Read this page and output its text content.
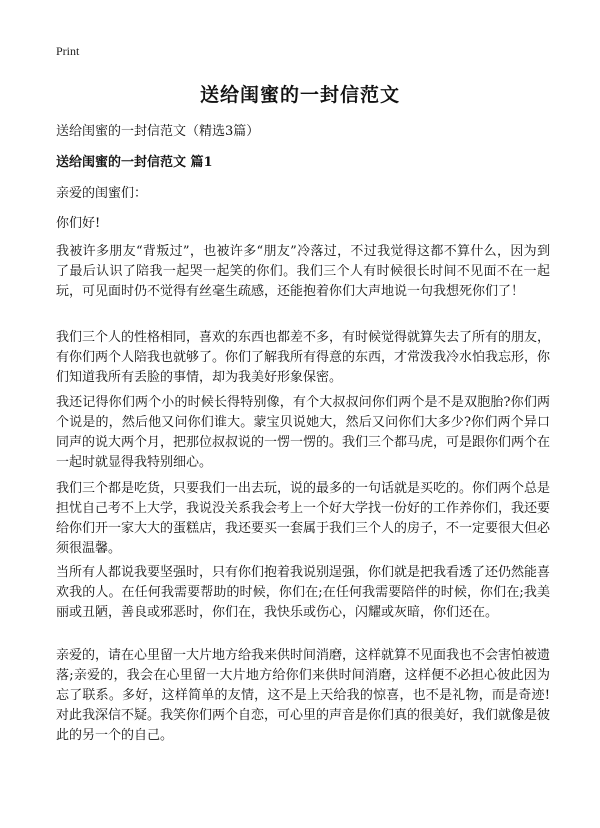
Print
送给闺蜜的一封信范文
送给闺蜜的一封信范文（精选3篇）
送给闺蜜的一封信范文 篇1
亲爱的闺蜜们：
你们好!

我被许多朋友“背叛过”，也被许多“朋友”冷落过，不过我觉得这都不算什么，因为到了最后认识了陪我一起哭一起笑的你们。我们三个人有时候很长时间不见面不在一起玩，可见面时仍不觉得有丝毫生疏感，还能抱着你们大声地说一句我想死你们了！

我们三个人的性格相同，喜欢的东西也都差不多，有时候觉得就算失去了所有的朋友，有你们两个人陪我也就够了。你们了解我所有得意的东西，才常泼我冷水怕我忘形，你们知道我所有丢脸的事情，却为我美好形象保密。

我还记得你们两个小的时候长得特别像，有个大叔叔问你们两个是不是双胞胎?你们两个说是的，然后他又问你们谁大。蒙宝贝说她大，然后又问你们大多少?你们两个异口同声的说大两个月，把那位叔叔说的一愣一愣的。我们三个都马虎，可是跟你们两个在一起时就显得我特别细心。

我们三个都是吃货，只要我们一出去玩，说的最多的一句话就是买吃的。你们两个总是担忧自己考不上大学，我说没关系我会考上一个好大学找一份好的工作养你们，我还要给你们开一家大大的蛋糕店，我还要买一套属于我们三个人的房子，不一定要很大但必须很温馨。

当所有人都说我要坚强时，只有你们抱着我说别逞强，你们就是把我看透了还仍然能喜欢我的人。在任何我需要帮助的时候，你们在;在任何我需要陪伴的时候，你们在;我美丽或丑陋，善良或邪恶时，你们在，我快乐或伤心，闪耀或灰暗，你们还在。

亲爱的，请在心里留一大片地方给我来供时间消磨，这样就算不见面我也不会害怕被遗落;亲爱的，我会在心里留一大片地方给你们来供时间消磨，这样便不必担心彼此因为忘了联系。多好，这样简单的友情，这不是上天给我的惊喜，也不是礼物，而是奇迹!对此我深信不疑。我笑你们两个自恋，可心里的声音是你们真的很美好，我们就像是彼此的另一个的自己。
